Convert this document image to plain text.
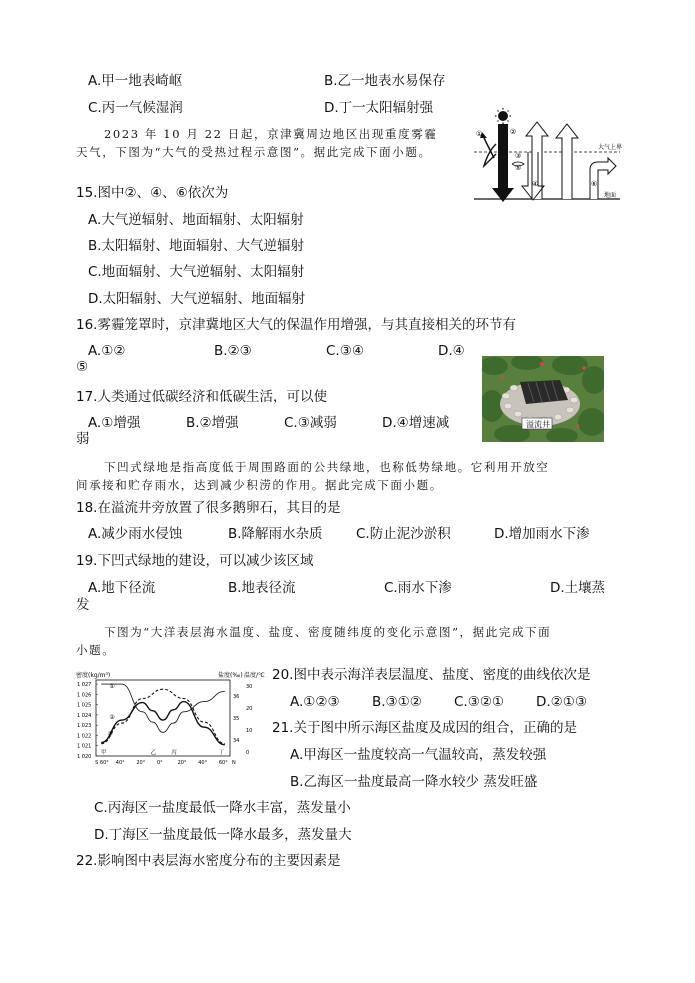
A.甲一地表崎岖	B.乙一地表水易保存
C.丙一气候湿润	D.丁一太阳辐射强
2023 年 10 月 22 日起，京津冀周边地区出现重度雾霾
天气，下图为“大气的受热过程示意图”。据此完成下面小题。	大气上界
地面
①	②
③
④
⑤
⑥
15.图中②、④、⑥依次为
A.大气逆辐射、地面辐射、太阳辐射
B.太阳辐射、地面辐射、大气逆辐射
C.地面辐射、大气逆辐射、太阳辐射
D.太阳辐射、大气逆辐射、地面辐射
16.雾霾笼罩时，京津冀地区大气的保温作用增强，与其直接相关的环节有
A.①②	B.②③	C.③④	D.④
⑤
溢流井
17.人类通过低碳经济和低碳生活，可以使
A.①增强	B.②增强	C.③减弱	D.④增速减
弱
下凹式绿地是指高度低于周围路面的公共绿地，也称低势绿地。它利用开放空
间承接和贮存雨水，达到减少积涝的作用。据此完成下面小题。
18.在溢流井旁放置了很多鹅卵石，其目的是
A.减少雨水侵蚀	B.降解雨水杂质 C.防止泥沙淤积	D.增加雨水下渗
19.下凹式绿地的建设，可以减少该区域
A.地下径流	B.地表径流	C.雨水下渗	D.土壤蒸
发
下图为“大洋表层海水温度、盐度、密度随纬度的变化示意图”，据此完成下面
小题。
密度(kg/m³)	盐度(‰) 温度/℃
1 027
1 026
1 025
1 024
1 023
1 022
1 021
1 020
36
35
34
30
20
10
0
S 60° 40° 20° 0°	20° 40° 60° N
①
②
③
甲	乙	丙	丁
20.图中表示海洋表层温度、盐度、密度的曲线依次是
A.①②③ B.③①② C.③②① D.②①③
21.关于图中所示海区盐度及成因的组合，正确的是
A.甲海区一盐度较高一气温较高，蒸发较强
B.乙海区一盐度最高一降水较少 蒸发旺盛
C.丙海区一盐度最低一降水丰富，蒸发量小
D.丁海区一盐度最低一降水最多，蒸发量大
22.影响图中表层海水密度分布的主要因素是
